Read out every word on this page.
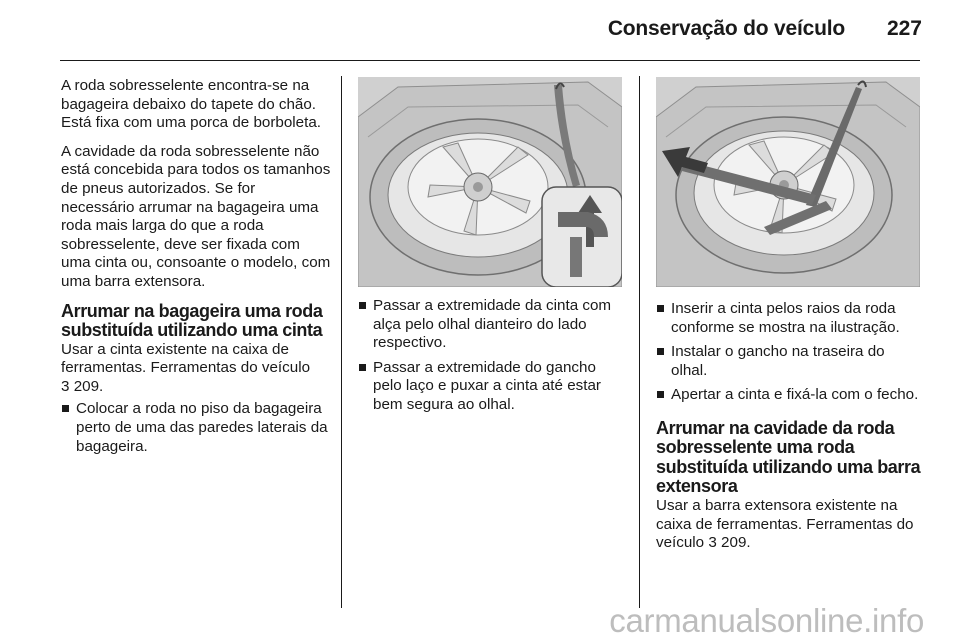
Conservação do veículo 227

A roda sobresselente encontra-se na bagageira debaixo do tapete do chão. Está fixa com uma porca de borboleta.

A cavidade da roda sobresselente não está concebida para todos os tamanhos de pneus autorizados. Se for necessário arrumar na bagageira uma roda mais larga do que a roda sobresselente, deve ser fixada com uma cinta ou, consoante o modelo, com uma barra extensora.

Arrumar na bagageira uma roda substituída utilizando uma cinta

Usar a cinta existente na caixa de ferramentas. Ferramentas do veículo
3 209.

Colocar a roda no piso da bagageira perto de uma das paredes laterais da bagageira.
Passar a extremidade da cinta com alça pelo olhal dianteiro do lado respectivo.
Passar a extremidade do gancho pelo laço e puxar a cinta até estar bem segura ao olhal.
Inserir a cinta pelos raios da roda conforme se mostra na ilustração.
Instalar o gancho na traseira do olhal.
Apertar a cinta e fixá-la com o fecho.
Arrumar na cavidade da roda sobresselente uma roda substituída utilizando uma barra extensora

Usar a barra extensora existente na caixa de ferramentas. Ferramentas do veículo 3 209.

carmanualsonline.info
